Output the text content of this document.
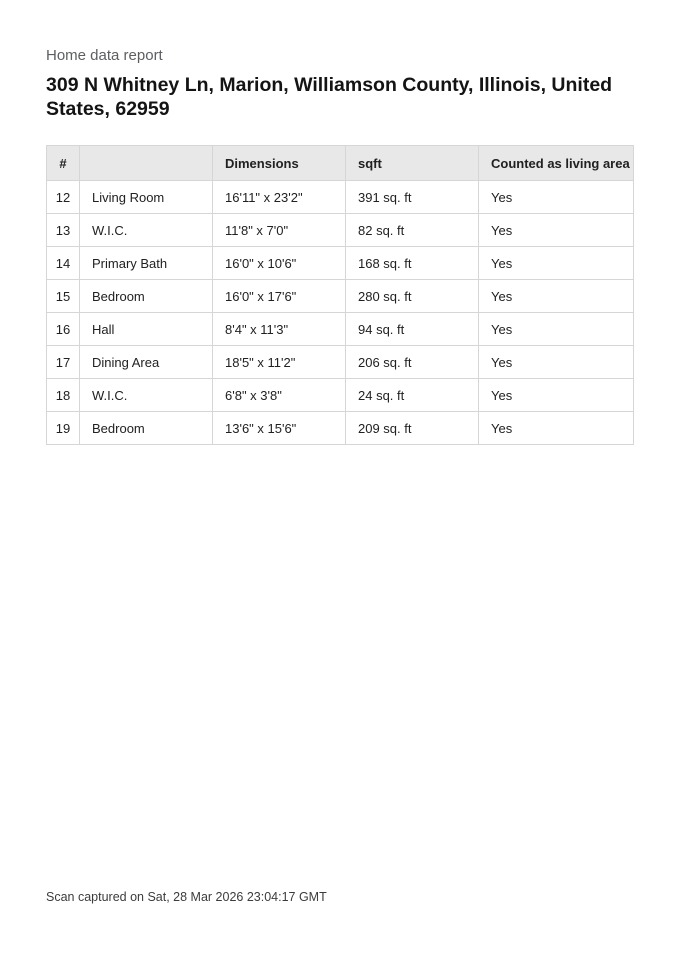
Home data report
309 N Whitney Ln, Marion, Williamson County, Illinois, United States, 62959
#		Dimensions	sqft	Counted as living area
12	Living Room	16'11" x 23'2"	391 sq. ft	Yes
13	W.I.C.	11'8" x 7'0"	82 sq. ft	Yes
14	Primary Bath	16'0" x 10'6"	168 sq. ft	Yes
15	Bedroom	16'0" x 17'6"	280 sq. ft	Yes
16	Hall	8'4" x 11'3"	94 sq. ft	Yes
17	Dining Area	18'5" x 11'2"	206 sq. ft	Yes
18	W.I.C.	6'8" x 3'8"	24 sq. ft	Yes
19	Bedroom	13'6" x 15'6"	209 sq. ft	Yes
Scan captured on Sat, 28 Mar 2026 23:04:17 GMT
